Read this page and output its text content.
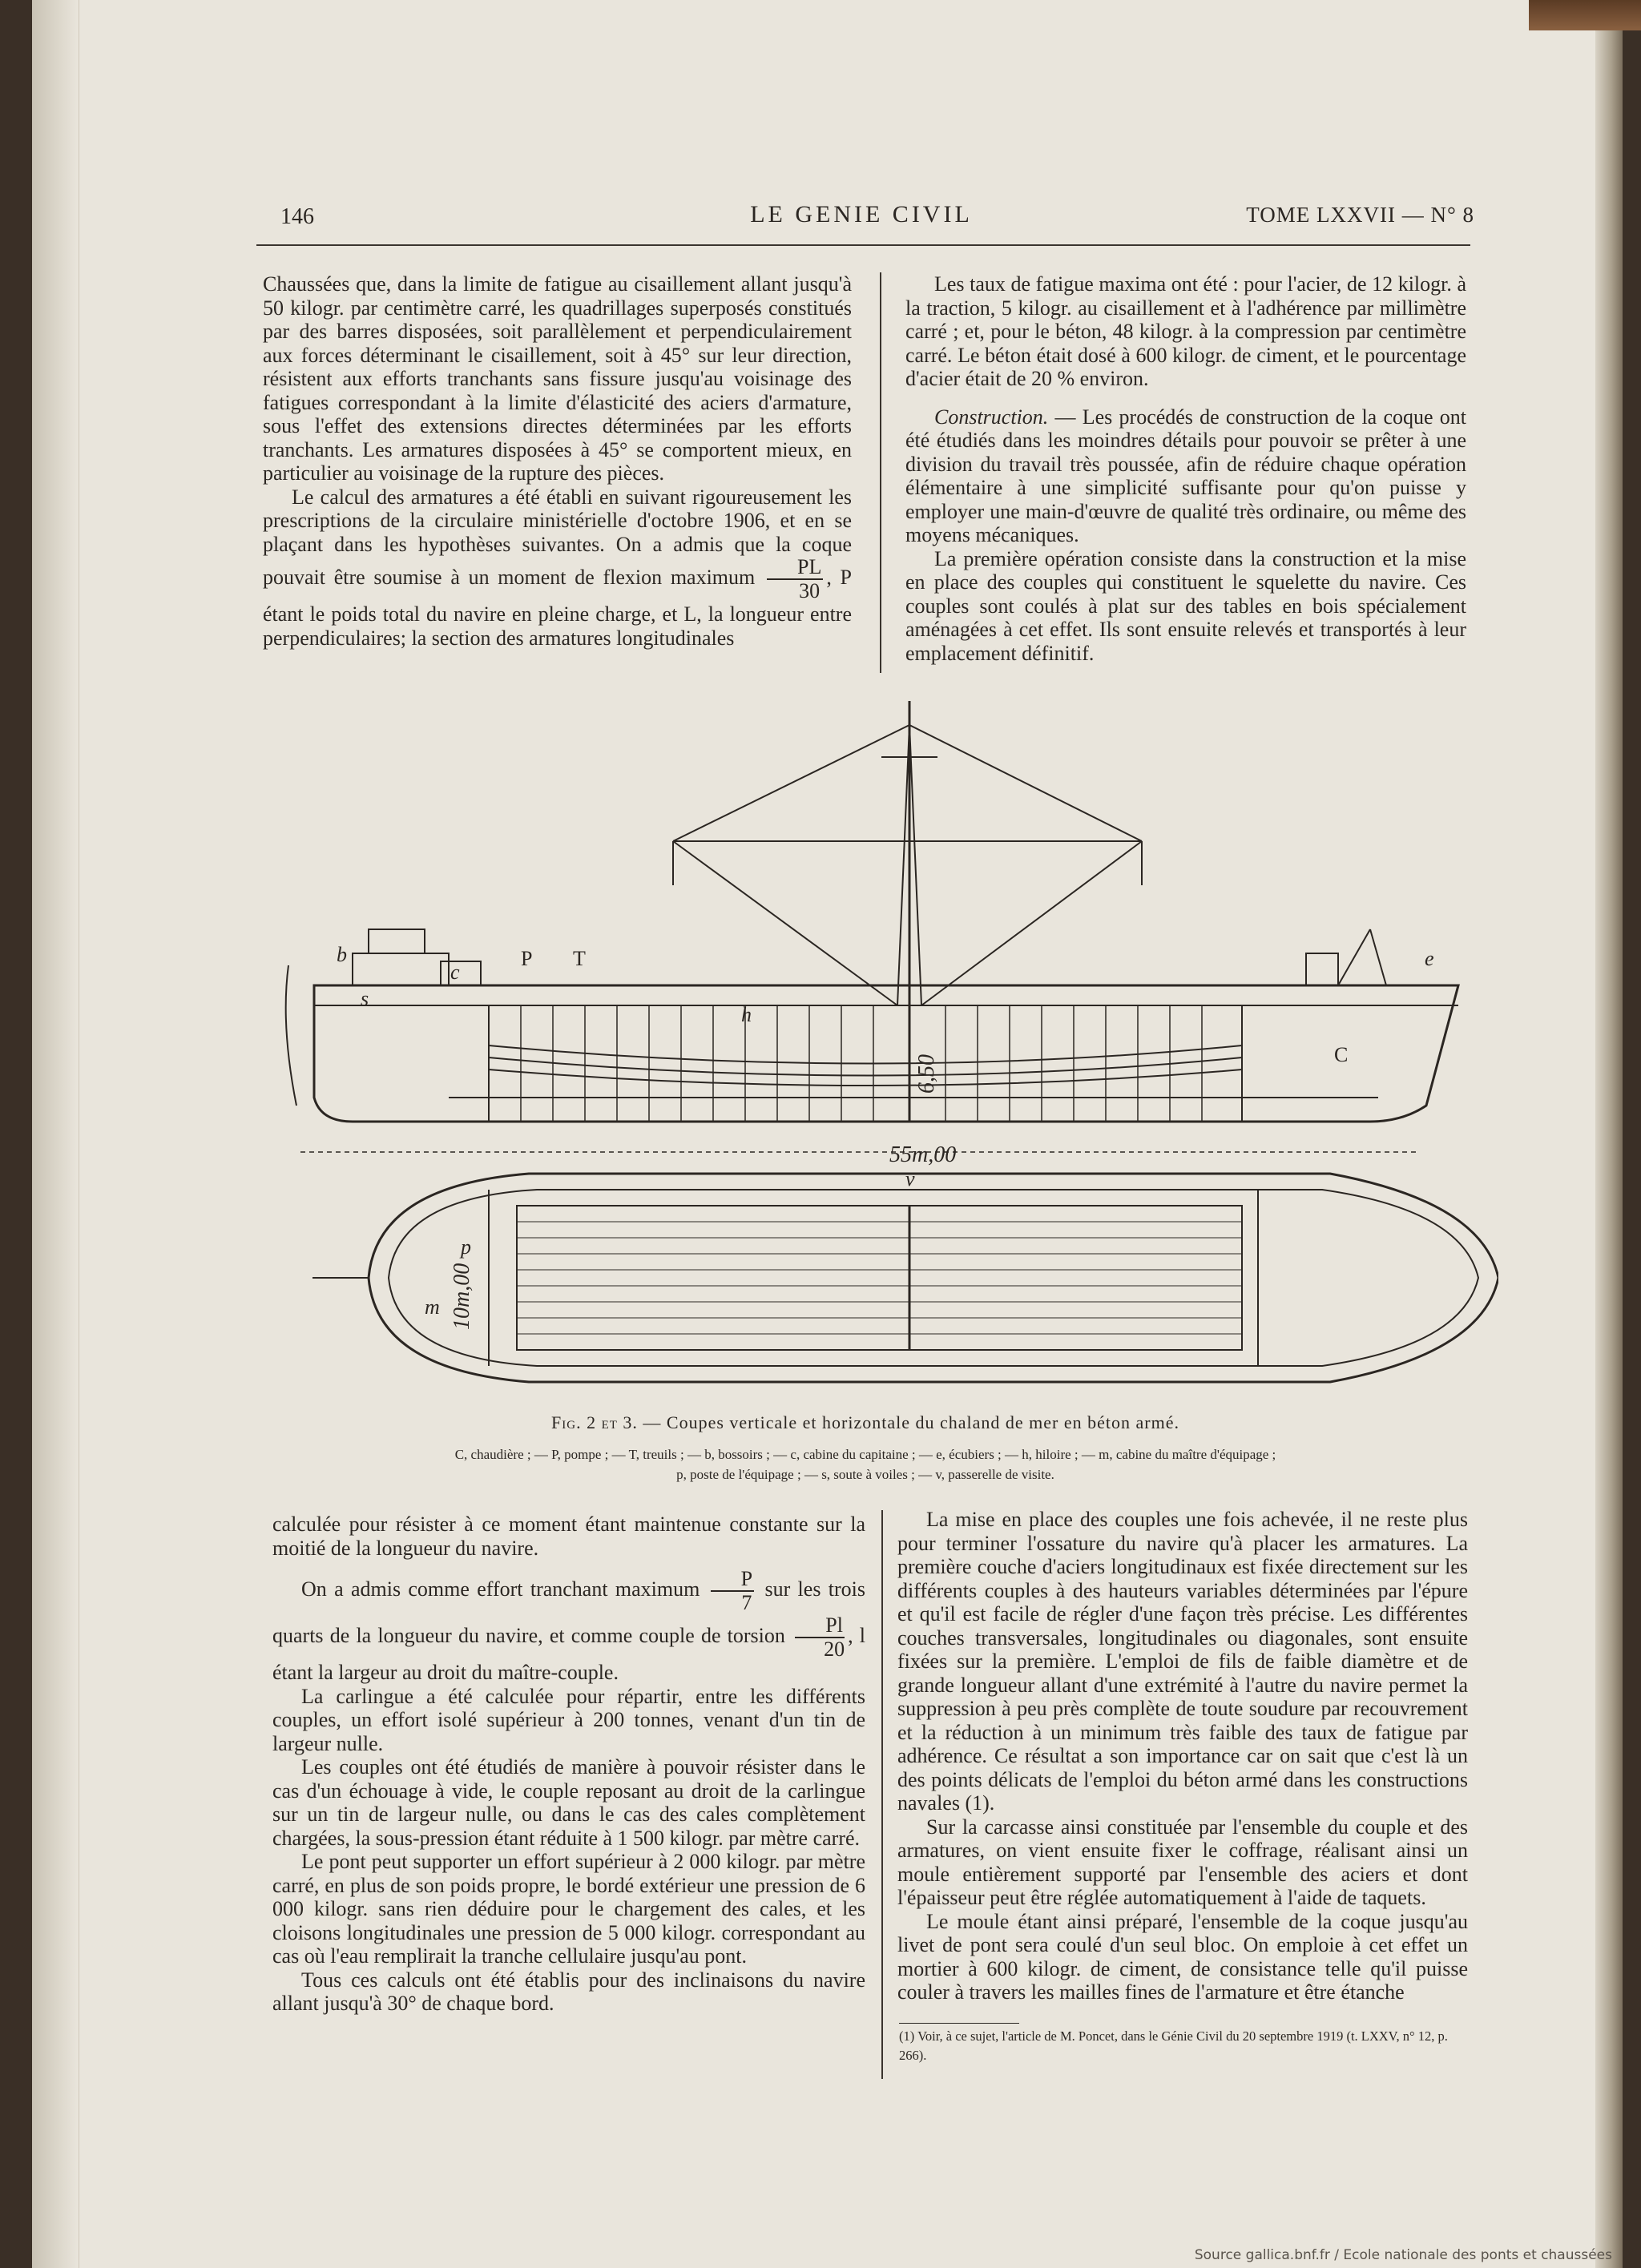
146	LE GENIE CIVIL	TOME LXXVII — N° 8

Chaussées que, dans la limite de fatigue au cisaillement allant jusqu'à 50 kilogr. par centimètre carré, les quadrillages superposés constitués par des barres disposées, soit parallèlement et perpendiculairement aux forces déterminant le cisaillement, soit à 45° sur leur direction, résistent aux efforts tranchants sans fissure jusqu'au voisinage des fatigues correspondant à la limite d'élasticité des aciers d'armature, sous l'effet des extensions directes déterminées par les efforts tranchants. Les armatures disposées à 45° se comportent mieux, en particulier au voisinage de la rupture des pièces.

Le calcul des armatures a été établi en suivant rigoureusement les prescriptions de la circulaire ministérielle d'octobre 1906, et en se plaçant dans les hypothèses suivantes. On a admis que la coque pouvait être soumise à un moment de flexion maximum $\frac{PL}{30}$ , P étant le poids total du navire en pleine charge, et L, la longueur entre perpendiculaires; la section des armatures longitudinales

Les taux de fatigue maxima ont été : pour l'acier, de 12 kilogr. à la traction, 5 kilogr. au cisaillement et à l'adhérence par millimètre carré ; et, pour le béton, 48 kilogr. à la compression par centimètre carré. Le béton était dosé à 600 kilogr. de ciment, et le pourcentage d'acier était de 20 % environ.

Construction. — Les procédés de construction de la coque ont été étudiés dans les moindres détails pour pouvoir se prêter à une division du travail très poussée, afin de réduire chaque opération élémentaire à une simplicité suffisante pour qu'on puisse y employer une main-d'œuvre de qualité très ordinaire, ou même des moyens mécaniques.

La première opération consiste dans la construction et la mise en place des couples qui constituent le squelette du navire. Ces couples sont coulés à plat sur des tables en bois spécialement aménagées à cet effet. Ils sont ensuite relevés et transportés à leur emplacement définitif.

b
s
c
P T
h
e
C
m
p
v
55m,00
6,50
10m,00
Fig. 2 et 3. — Coupes verticale et horizontale du chaland de mer en béton armé.
C, chaudière ; — P, pompe ; — T, treuils ; — b, bossoirs ; — c, cabine du capitaine ; — e, écubiers ; — h, hiloire ; — m, cabine du maître d'équipage ;
p, poste de l'équipage ; — s, soute à voiles ; — v, passerelle de visite.

calculée pour résister à ce moment étant maintenue constante sur la moitié de la longueur du navire.

On a admis comme effort tranchant maximum $\frac{P}{7}$ sur les trois quarts de la longueur du navire, et comme couple de torsion $\frac{Pl}{20}$ , l étant la largeur au droit du maître-couple.

La carlingue a été calculée pour répartir, entre les différents couples, un effort isolé supérieur à 200 tonnes, venant d'un tin de largeur nulle.

Les couples ont été étudiés de manière à pouvoir résister dans le cas d'un échouage à vide, le couple reposant au droit de la carlingue sur un tin de largeur nulle, ou dans le cas des cales complètement chargées, la sous-pression étant réduite à 1 500 kilogr. par mètre carré.

Le pont peut supporter un effort supérieur à 2 000 kilogr. par mètre carré, en plus de son poids propre, le bordé extérieur une pression de 6 000 kilogr. sans rien déduire pour le chargement des cales, et les cloisons longitudinales une pression de 5 000 kilogr. correspondant au cas où l'eau remplirait la tranche cellulaire jusqu'au pont.

Tous ces calculs ont été établis pour des inclinaisons du navire allant jusqu'à 30° de chaque bord.

La mise en place des couples une fois achevée, il ne reste plus pour terminer l'ossature du navire qu'à placer les armatures. La première couche d'aciers longitudinaux est fixée directement sur les différents couples à des hauteurs variables déterminées par l'épure et qu'il est facile de régler d'une façon très précise. Les différentes couches transversales, longitudinales ou diagonales, sont ensuite fixées sur la première. L'emploi de fils de faible diamètre et de grande longueur allant d'une extrémité à l'autre du navire permet la suppression à peu près complète de toute soudure par recouvrement et la réduction à un minimum très faible des taux de fatigue par adhérence. Ce résultat a son importance car on sait que c'est là un des points délicats de l'emploi du béton armé dans les constructions navales (1).

Sur la carcasse ainsi constituée par l'ensemble du couple et des armatures, on vient ensuite fixer le coffrage, réalisant ainsi un moule entièrement supporté par l'ensemble des aciers et dont l'épaisseur peut être réglée automatiquement à l'aide de taquets.

Le moule étant ainsi préparé, l'ensemble de la coque jusqu'au livet de pont sera coulé d'un seul bloc. On emploie à cet effet un mortier à 600 kilogr. de ciment, de consistance telle qu'il puisse couler à travers les mailles fines de l'armature et être étanche

(1) Voir, à ce sujet, l'article de M. Poncet, dans le Génie Civil du 20 septembre 1919 (t. LXXV, n° 12, p. 266).
Source gallica.bnf.fr / Ecole nationale des ponts et chaussées
